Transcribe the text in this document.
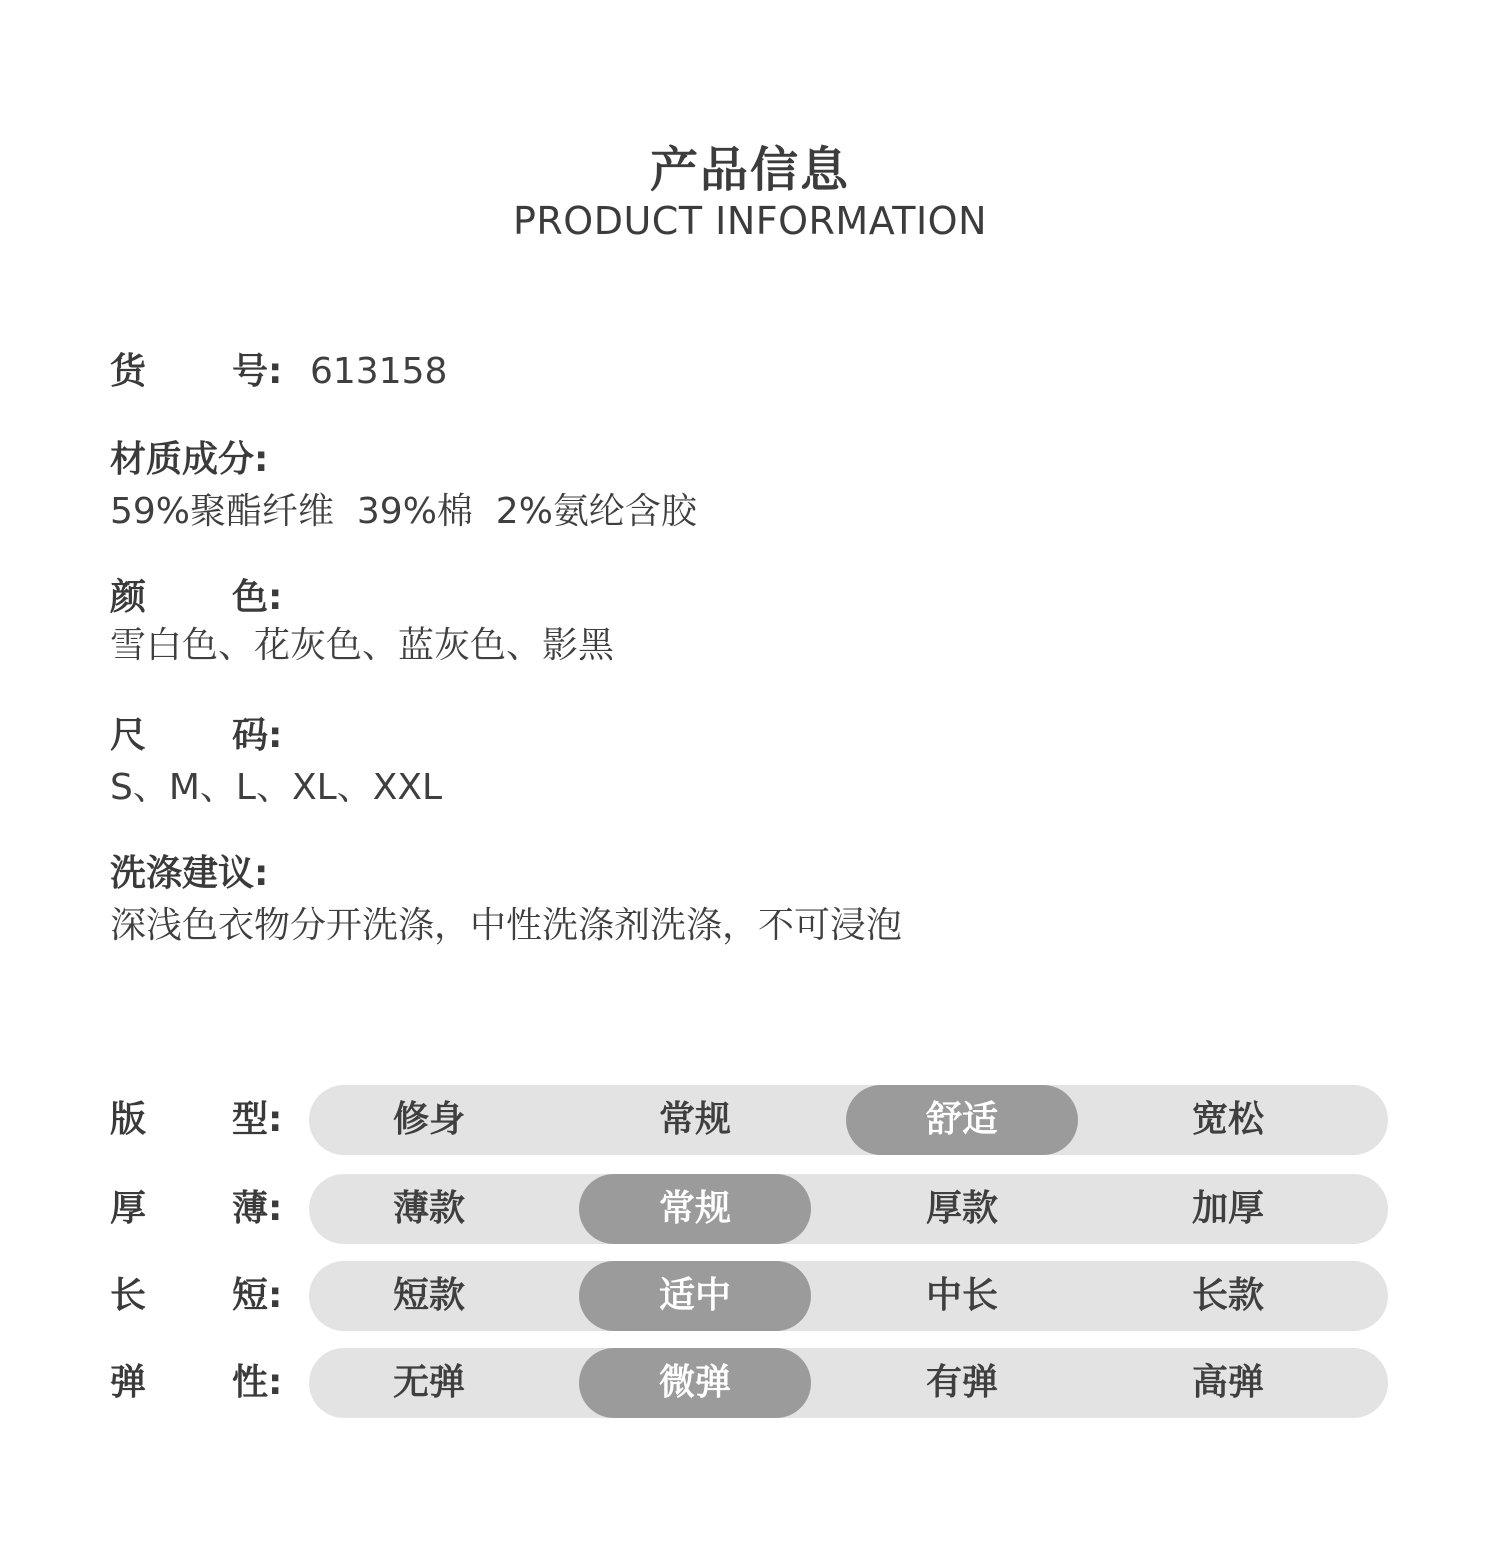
产品信息
PRODUCT INFORMATION
货 号: 613158
材质成分:
59%聚酯纤维  39%棉  2%氨纶含胶
颜 色:
雪白色、花灰色、蓝灰色、影黑
尺 码:
S、M、L、XL、XXL
洗涤建议:
深浅色衣物分开洗涤，中性洗涤剂洗涤，不可浸泡
版 型:	修身	常规	舒适	宽松
厚 薄:	薄款	常规	厚款	加厚
长 短:	短款	适中	中长	长款
弹 性:	无弹	微弹	有弹	高弹
